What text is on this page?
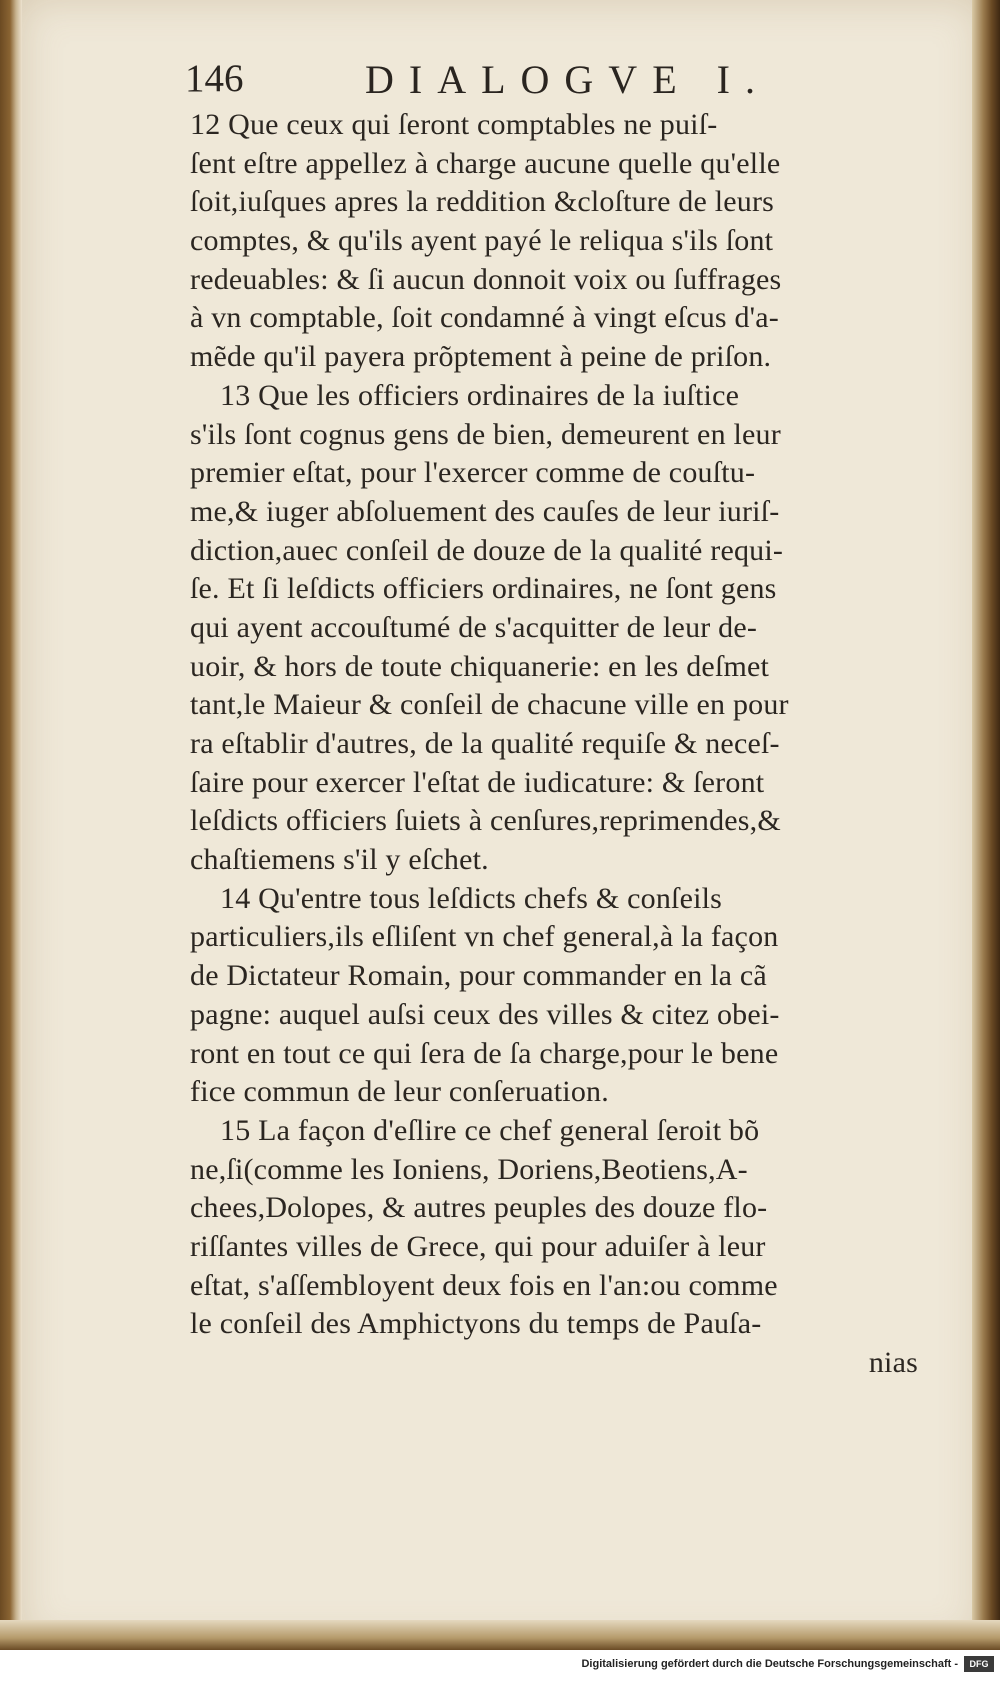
146	DIALOGVE I.
12 Que ceux qui ſeront comptables ne puiſ-
ſent eſtre appellez à charge aucune quelle qu'elle
ſoit,iuſques apres la reddition &cloſture de leurs
comptes, & qu'ils ayent payé le reliqua s'ils ſont
redeuables: & ſi aucun donnoit voix ou ſuffrages
à vn comptable, ſoit condamné à vingt eſcus d'a-
mẽde qu'il payera prõptement à peine de priſon.
13 Que les officiers ordinaires de la iuſtice
s'ils ſont cognus gens de bien, demeurent en leur
premier eſtat, pour l'exercer comme de couſtu-
me,& iuger abſoluement des cauſes de leur iuriſ-
diction,auec conſeil de douze de la qualité requi-
ſe. Et ſi leſdicts officiers ordinaires, ne ſont gens
qui ayent accouſtumé de s'acquitter de leur de-
uoir, & hors de toute chiquanerie: en les deſmet
tant,le Maieur & conſeil de chacune ville en pour
ra eſtablir d'autres, de la qualité requiſe & neceſ-
ſaire pour exercer l'eſtat de iudicature: & ſeront
leſdicts officiers ſuiets à cenſures,reprimendes,&
chaſtiemens s'il y eſchet.
14 Qu'entre tous leſdicts chefs & conſeils
particuliers,ils eſliſent vn chef general,à la façon
de Dictateur Romain, pour commander en la cã
pagne: auquel auſsi ceux des villes & citez obei-
ront en tout ce qui ſera de ſa charge,pour le bene
fice commun de leur conſeruation.
15 La façon d'eſlire ce chef general ſeroit bõ
ne,ſi(comme les Ioniens, Doriens,Beotiens,A-
chees,Dolopes, & autres peuples des douze flo-
riſſantes villes de Grece, qui pour aduiſer à leur
eſtat, s'aſſembloyent deux fois en l'an:ou comme
le conſeil des Amphictyons du temps de Pauſa-
nias
Digitalisierung gefördert durch die Deutsche Forschungsgemeinschaft -	DFG
